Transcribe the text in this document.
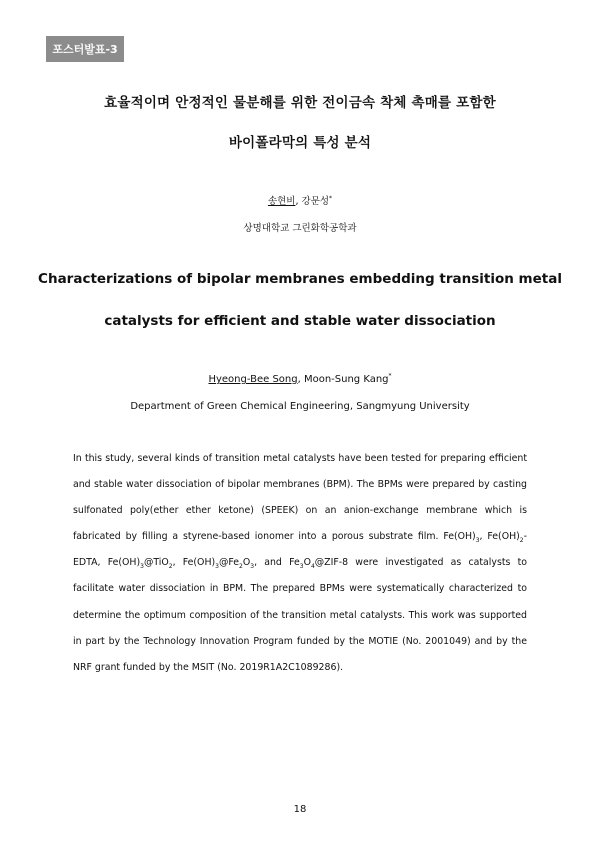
포스터발표-3
효율적이며 안정적인 물분해를 위한 전이금속 착체 촉매를 포함한
바이폴라막의 특성 분석
송현비, 강문성*
상명대학교 그린화학공학과
Characterizations of bipolar membranes embedding transition metal
catalysts for efficient and stable water dissociation
Hyeong-Bee Song, Moon-Sung Kang*
Department of Green Chemical Engineering, Sangmyung University
In this study, several kinds of transition metal catalysts have been tested for preparing efficient and stable water dissociation of bipolar membranes (BPM). The BPMs were prepared by casting sulfonated poly(ether ether ketone) (SPEEK) on an anion-exchange membrane which is fabricated by filling a styrene-based ionomer into a porous substrate film. $Fe(OH)_3$, $Fe(OH)_2$-EDTA, $Fe(OH)_3@TiO_2$, $Fe(OH)_3@Fe_2O_3$, and $Fe_3O_4@ZIF-8$ were investigated as catalysts to facilitate water dissociation in BPM. The prepared BPMs were systematically characterized to determine the optimum composition of the transition metal catalysts. This work was supported in part by the Technology Innovation Program funded by the MOTIE (No. 2001049) and by the NRF grant funded by the MSIT (No. 2019R1A2C1089286).
18
